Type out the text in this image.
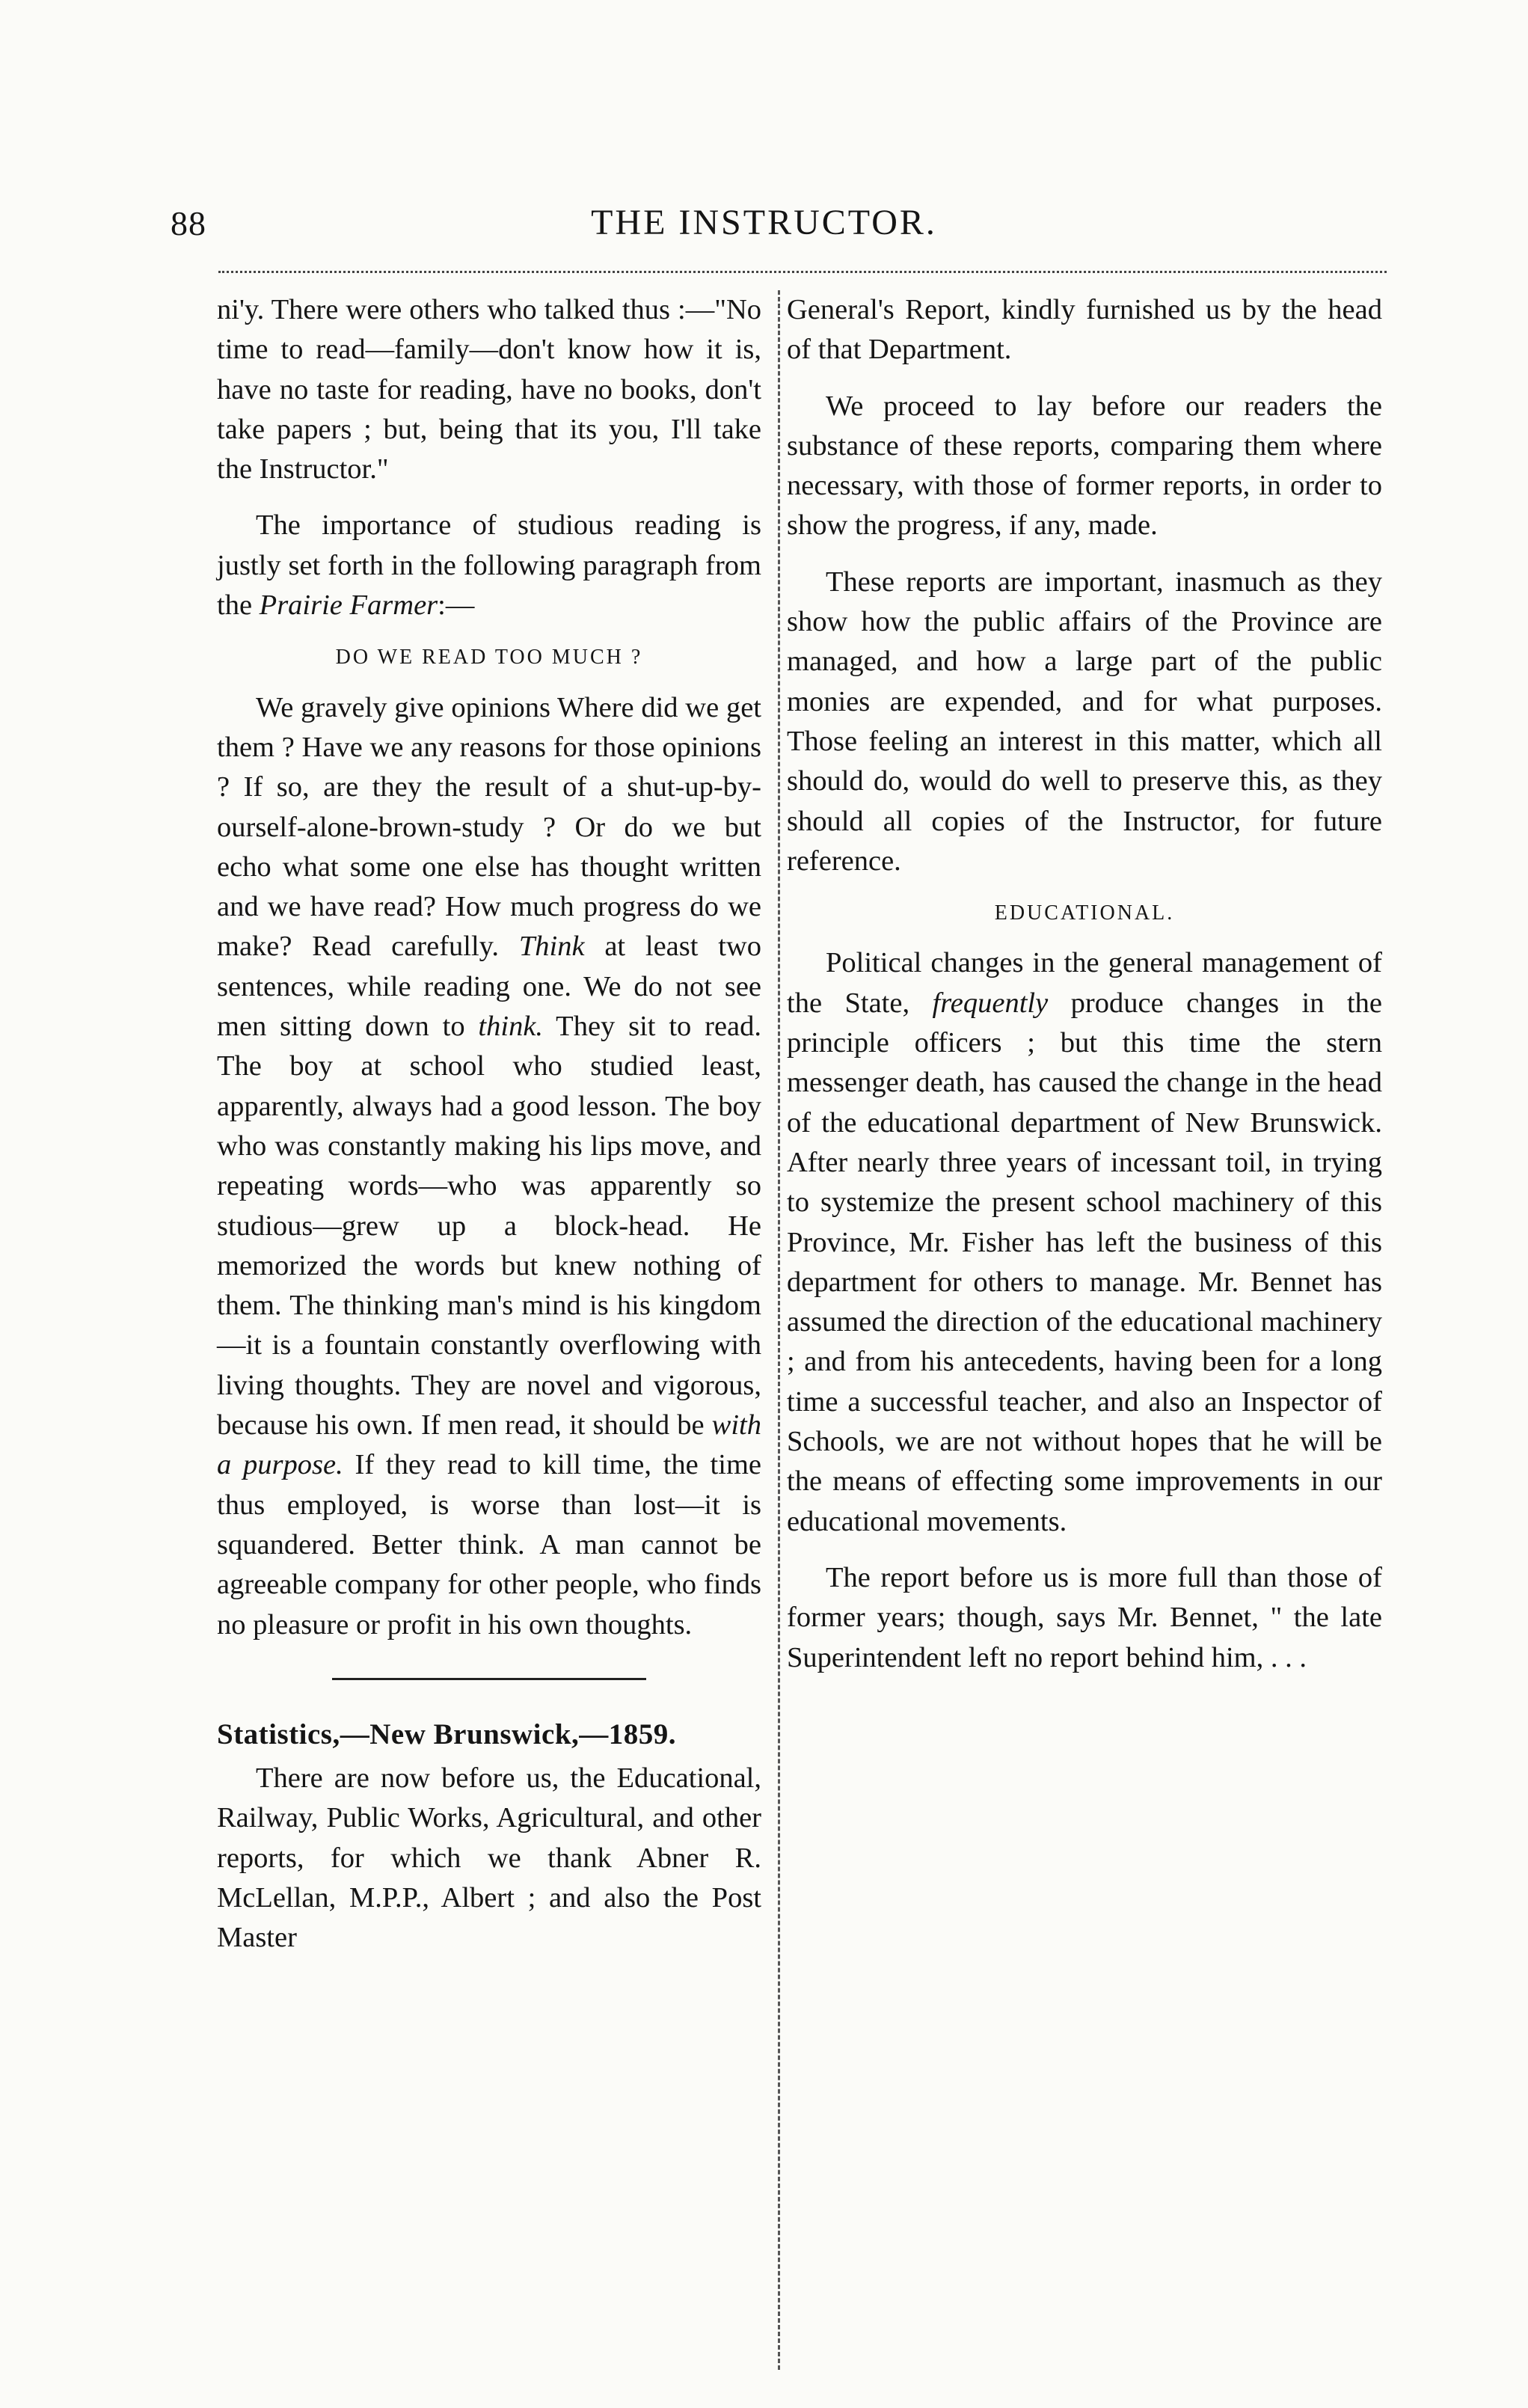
88	THE INSTRUCTOR.

ni'y. There were others who talked thus :—"No time to read—family—don't know how it is, have no taste for reading, have no books, don't take papers ; but, being that its you, I'll take the Instructor."

The importance of studious reading is justly set forth in the following paragraph from the Prairie Farmer:—

DO WE READ TOO MUCH ?

We gravely give opinions Where did we get them ? Have we any reasons for those opinions ? If so, are they the result of a shut-up-by-ourself-alone-brown-study ? Or do we but echo what some one else has thought written and we have read? How much progress do we make? Read carefully. Think at least two sentences, while reading one. We do not see men sitting down to think. They sit to read. The boy at school who studied least, apparently, always had a good lesson. The boy who was constantly making his lips move, and repeating words—who was apparently so studious—grew up a block-head. He memorized the words but knew nothing of them. The thinking man's mind is his kingdom—it is a fountain constantly overflowing with living thoughts. They are novel and vigorous, because his own. If men read, it should be with a purpose. If they read to kill time, the time thus employed, is worse than lost—it is squandered. Better think. A man cannot be agreeable company for other people, who finds no pleasure or profit in his own thoughts.

Statistics,—New Brunswick,—1859.

There are now before us, the Educational, Railway, Public Works, Agricultural, and other reports, for which we thank Abner R. McLellan, M.P.P., Albert ; and also the Post Master

General's Report, kindly furnished us by the head of that Department.

We proceed to lay before our readers the substance of these reports, comparing them where necessary, with those of former reports, in order to show the progress, if any, made.

These reports are important, inasmuch as they show how the public affairs of the Province are managed, and how a large part of the public monies are expended, and for what purposes. Those feeling an interest in this matter, which all should do, would do well to preserve this, as they should all copies of the Instructor, for future reference.

EDUCATIONAL.

Political changes in the general management of the State, frequently produce changes in the principle officers ; but this time the stern messenger death, has caused the change in the head of the educational department of New Brunswick. After nearly three years of incessant toil, in trying to systemize the present school machinery of this Province, Mr. Fisher has left the business of this department for others to manage. Mr. Bennet has assumed the direction of the educational machinery ; and from his antecedents, having been for a long time a successful teacher, and also an Inspector of Schools, we are not without hopes that he will be the means of effecting some improvements in our educational movements.

The report before us is more full than those of former years; though, says Mr. Bennet, " the late Superintendent left no report behind him, . . .
